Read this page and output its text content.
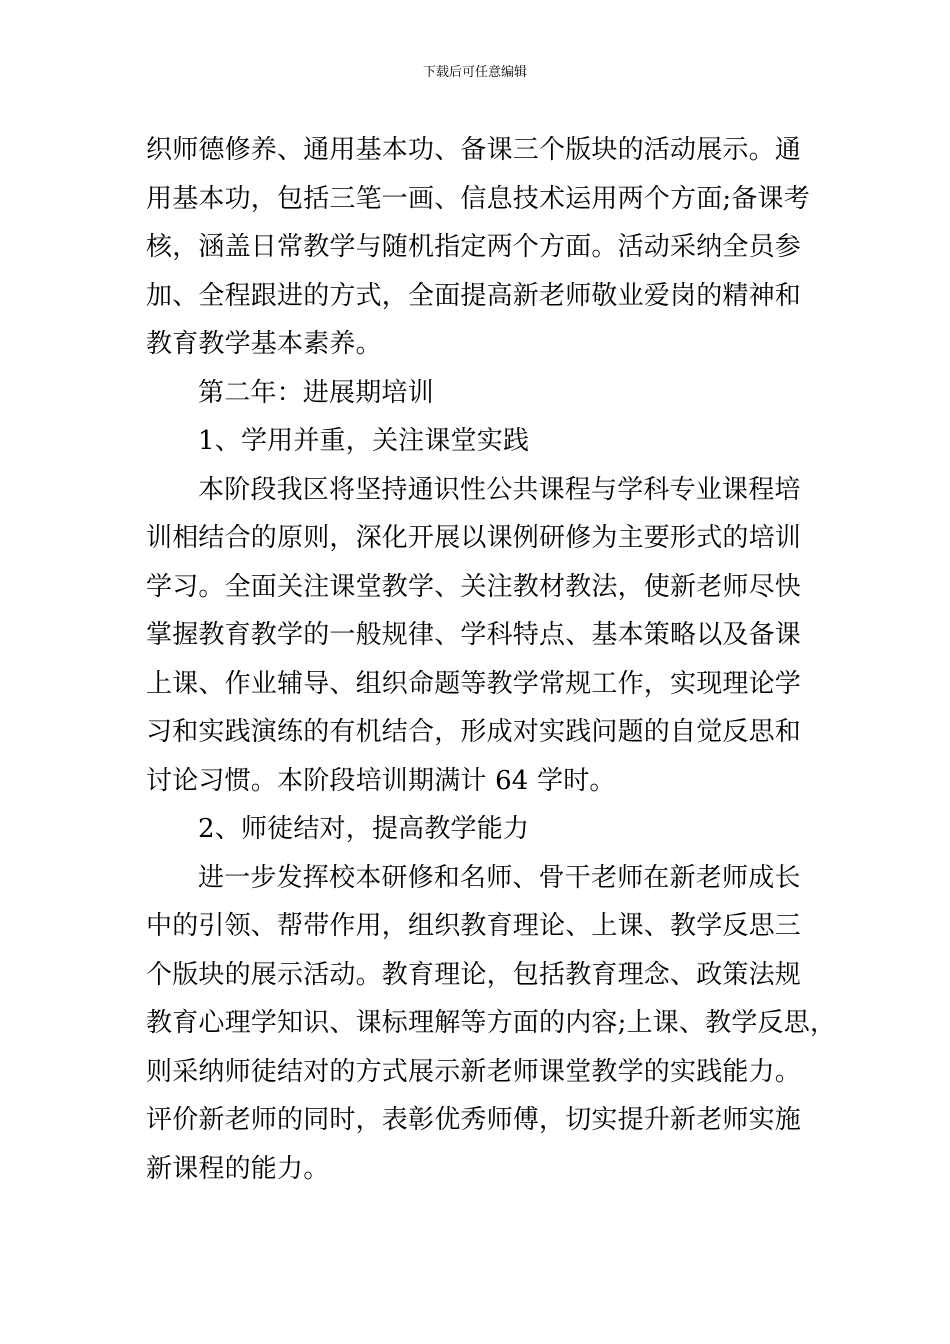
下载后可任意编辑
织师德修养、通用基本功、备课三个版块的活动展示。通
用基本功，包括三笔一画、信息技术运用两个方面;备课考
核，涵盖日常教学与随机指定两个方面。活动采纳全员参
加、全程跟进的方式，全面提高新老师敬业爱岗的精神和
教育教学基本素养。
第二年：进展期培训
1、学用并重，关注课堂实践
本阶段我区将坚持通识性公共课程与学科专业课程培
训相结合的原则，深化开展以课例研修为主要形式的培训
学习。全面关注课堂教学、关注教材教法，使新老师尽快
掌握教育教学的一般规律、学科特点、基本策略以及备课
上课、作业辅导、组织命题等教学常规工作，实现理论学
习和实践演练的有机结合，形成对实践问题的自觉反思和
讨论习惯。本阶段培训期满计 64 学时。
2、师徒结对，提高教学能力
进一步发挥校本研修和名师、骨干老师在新老师成长
中的引领、帮带作用，组织教育理论、上课、教学反思三
个版块的展示活动。教育理论，包括教育理念、政策法规
教育心理学知识、课标理解等方面的内容;上课、教学反思，
则采纳师徒结对的方式展示新老师课堂教学的实践能力。
评价新老师的同时，表彰优秀师傅，切实提升新老师实施
新课程的能力。
